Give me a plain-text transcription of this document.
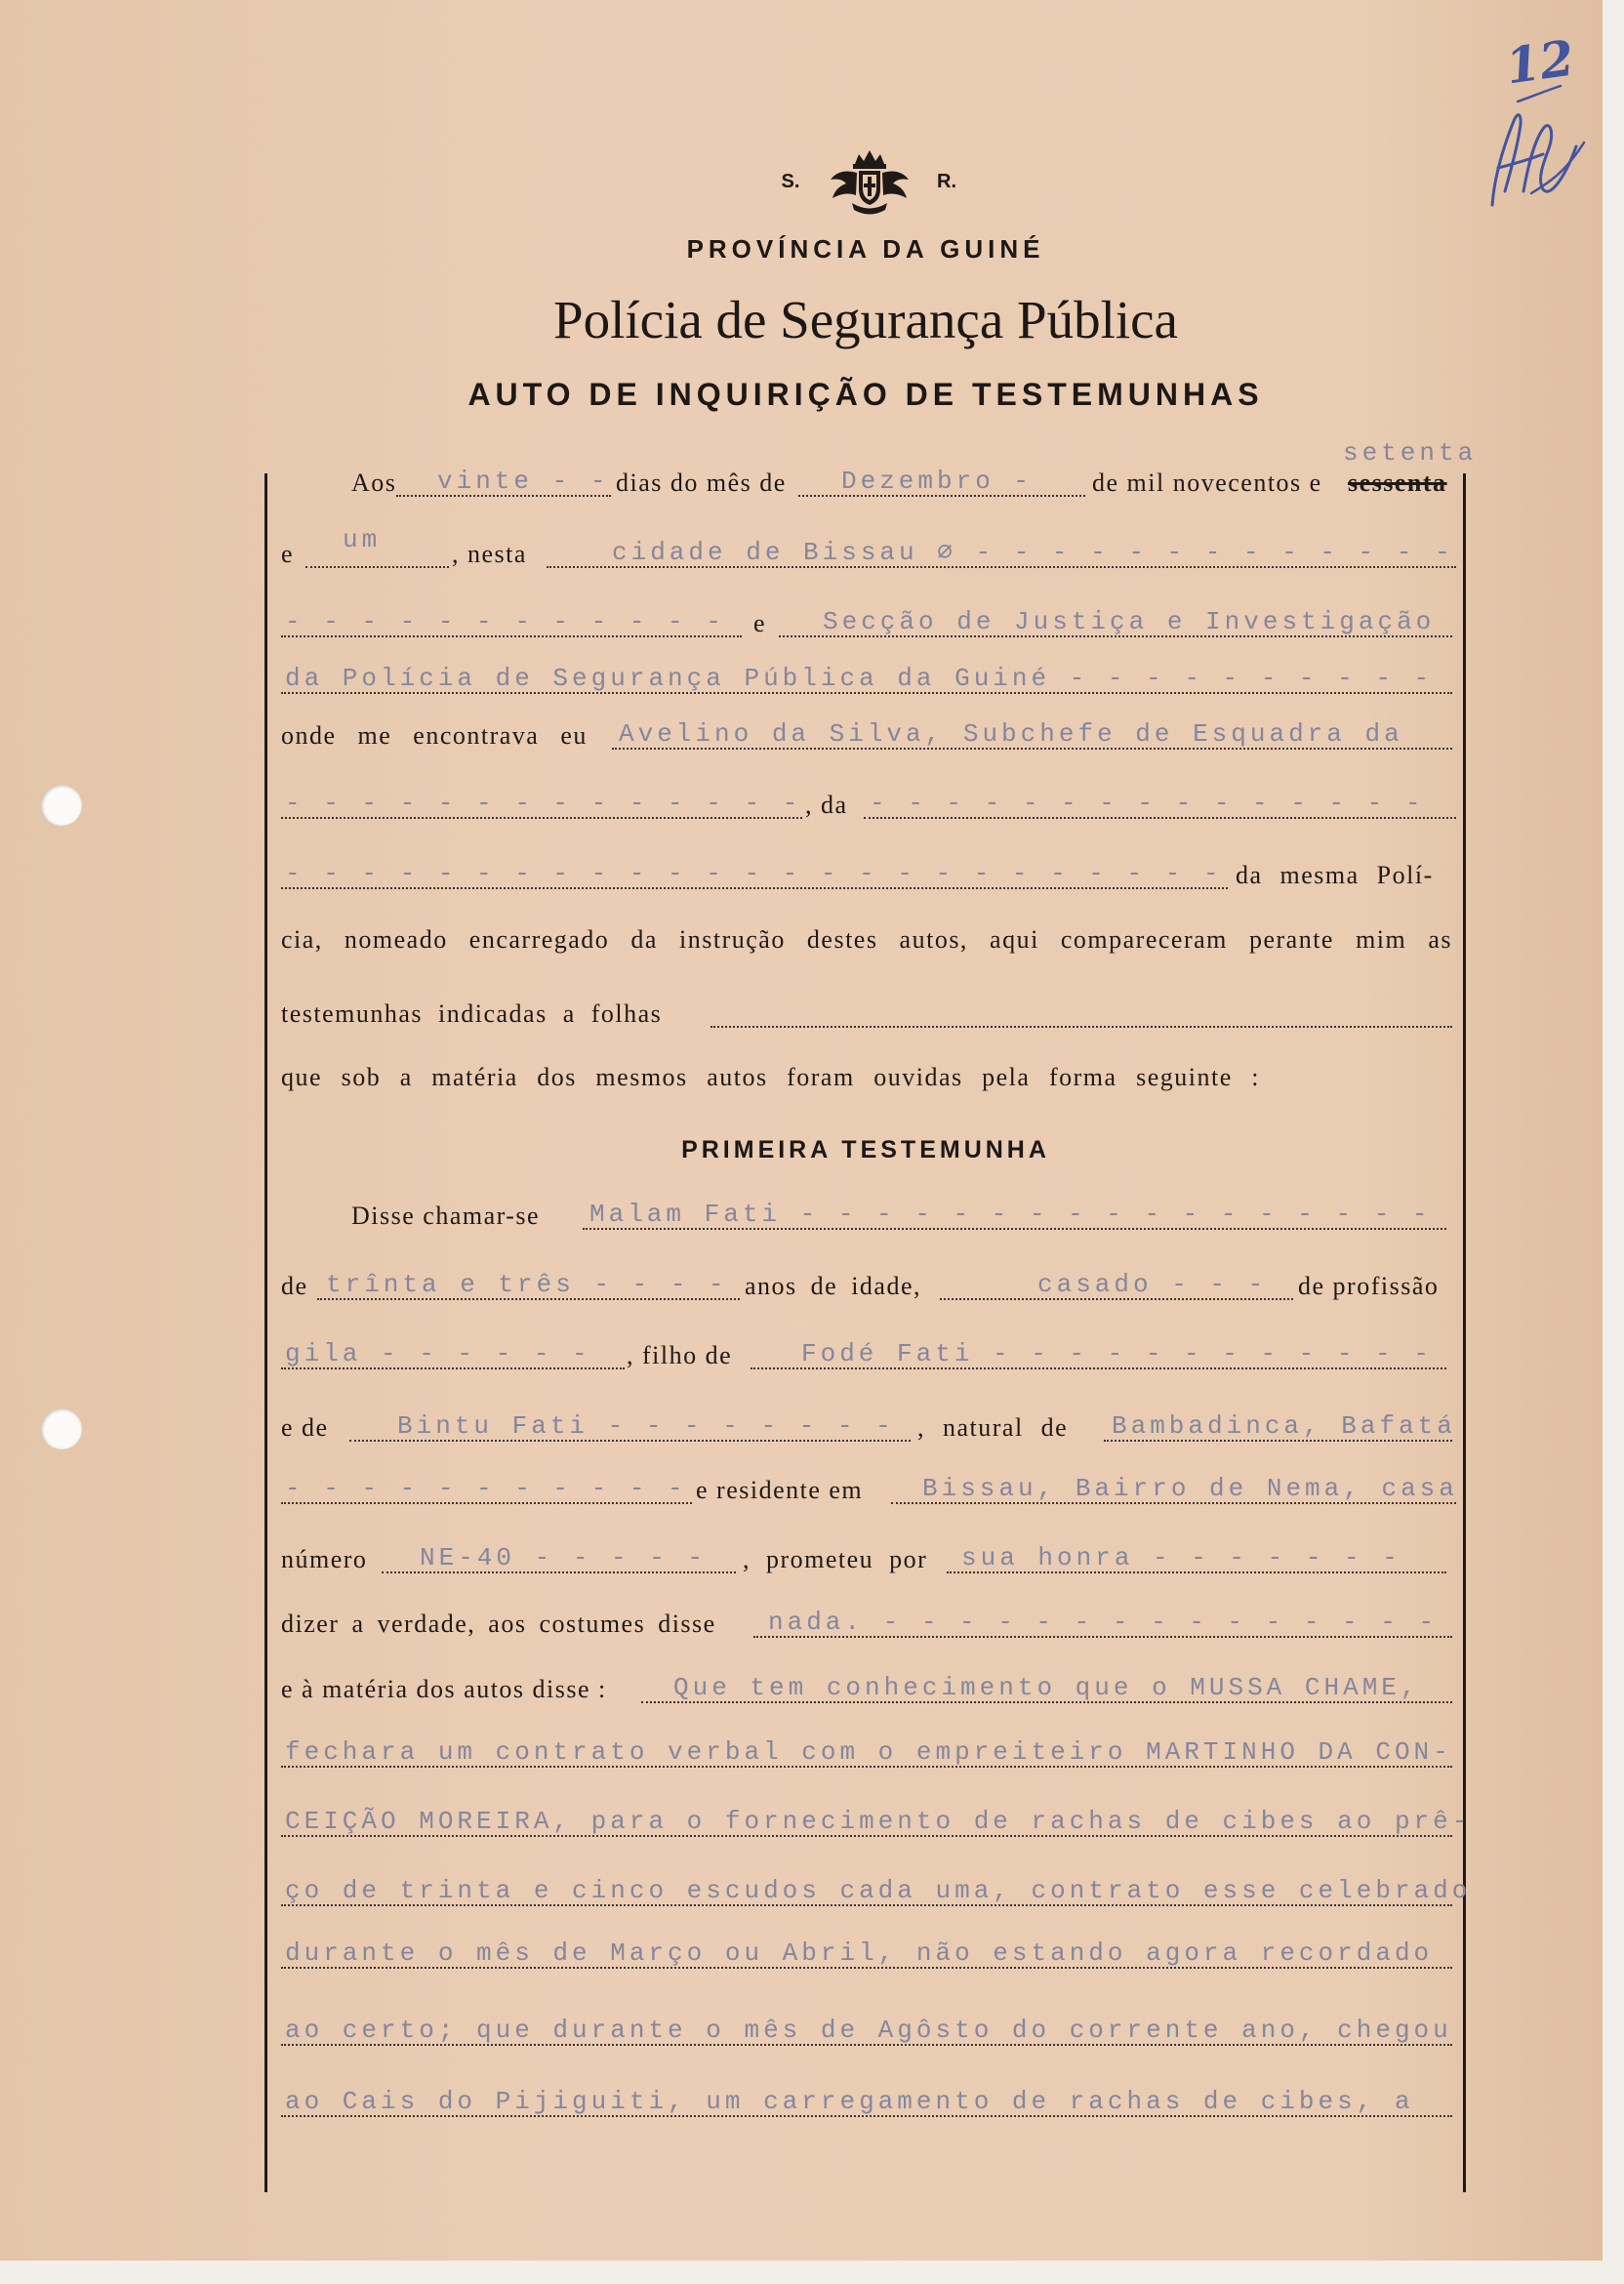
12
S.	R.
PROVÍNCIA DA GUINÉ
Polícia de Segurança Pública
AUTO DE INQUIRIÇÃO DE TESTEMUNHAS
setenta
Aos vinte - - dias do mês de Dezembro - de mil novecentos e sessenta
e um	, nesta	cidade de Bissau ∅ - - - - - - - - - - - - -
- - - - - - - - - - - - e Secção de Justiça e Investigação
da Polícia de Segurança Pública da Guiné - - - - - - - - - -
onde me encontrava eu Avelino da Silva, Subchefe de Esquadra da
- - - - - - - - - - - - - - , da - - - - - - - - - - - - - - -
- - - - - - - - - - - - - - - - - - - - - - - - - da mesma Polí-
cia, nomeado encarregado da instrução destes autos, aqui compareceram perante mim as
testemunhas indicadas a folhas
que sob a matéria dos mesmos autos foram ouvidas pela forma seguinte :
PRIMEIRA TESTEMUNHA
Disse chamar-se Malam Fati - - - - - - - - - - - - - - - - -
de trînta e três - - - - anos de idade,	casado - - - de profissão
gila - - - - - - , filho de	Fodé Fati - - - - - - - - - - - -
e de	Bintu Fati - - - - - - - - , natural de Bambadinca, Bafatá
- - - - - - - - - - - e residente em Bissau, Bairro de Nema, casa
número NE-40 - - - - - , prometeu por sua honra - - - - - - -
dizer a verdade, aos costumes disse nada. - - - - - - - - - - - - - - -
e à matéria dos autos disse :	Que tem conhecimento que o MUSSA CHAME,
fechara um contrato verbal com o empreiteiro MARTINHO DA CON-
CEIÇÃO MOREIRA, para o fornecimento de rachas de cibes ao prê-
ço de trinta e cinco escudos cada uma, contrato esse celebrado
durante o mês de Março ou Abril, não estando agora recordado
ao certo; que durante o mês de Agôsto do corrente ano, chegou
ao Cais do Pijiguiti, um carregamento de rachas de cibes, a
